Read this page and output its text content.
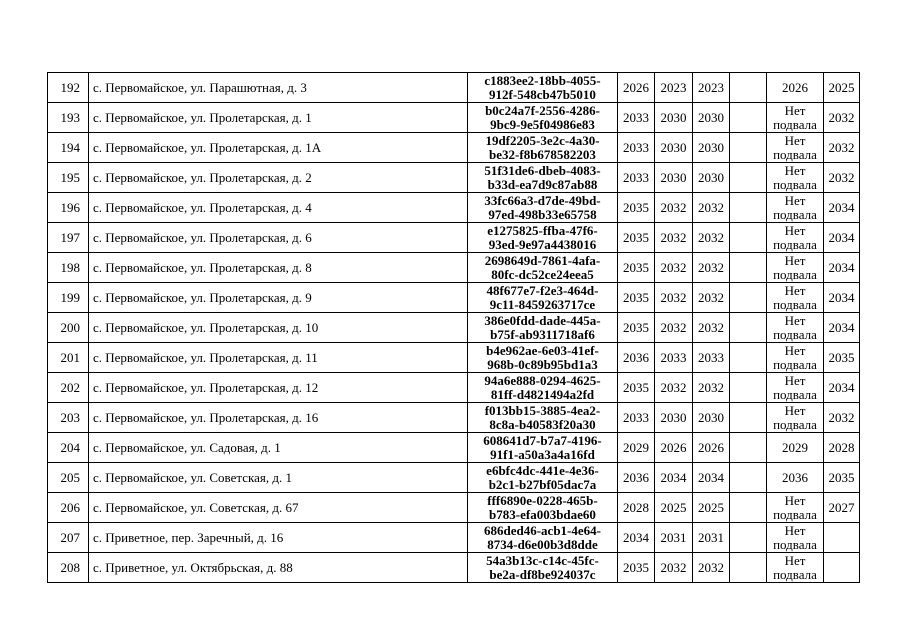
192	с. Первомайское, ул. Парашютная, д. 3	c1883ee2-18bb-4055-
912f-548cb47b5010	2026	2023	2023		2026	2025
193	с. Первомайское, ул. Пролетарская, д. 1	b0c24a7f-2556-4286-
9bc9-9e5f04986e83	2033	2030	2030		Нет подвала	2032
194	с. Первомайское, ул. Пролетарская, д. 1А	19df2205-3e2c-4a30-
be32-f8b678582203	2033	2030	2030		Нет подвала	2032
195	с. Первомайское, ул. Пролетарская, д. 2	51f31de6-dbeb-4083-
b33d-ea7d9c87ab88	2033	2030	2030		Нет подвала	2032
196	с. Первомайское, ул. Пролетарская, д. 4	33fc66a3-d7de-49bd-
97ed-498b33e65758	2035	2032	2032		Нет подвала	2034
197	с. Первомайское, ул. Пролетарская, д. 6	e1275825-ffba-47f6-
93ed-9e97a4438016	2035	2032	2032		Нет подвала	2034
198	с. Первомайское, ул. Пролетарская, д. 8	2698649d-7861-4afa-
80fc-dc52ce24eea5	2035	2032	2032		Нет подвала	2034
199	с. Первомайское, ул. Пролетарская, д. 9	48f677e7-f2e3-464d-
9c11-8459263717ce	2035	2032	2032		Нет подвала	2034
200	с. Первомайское, ул. Пролетарская, д. 10	386e0fdd-dade-445a-
b75f-ab9311718af6	2035	2032	2032		Нет подвала	2034
201	с. Первомайское, ул. Пролетарская, д. 11	b4e962ae-6e03-41ef-
968b-0c89b95bd1a3	2036	2033	2033		Нет подвала	2035
202	с. Первомайское, ул. Пролетарская, д. 12	94a6e888-0294-4625-
81ff-d4821494a2fd	2035	2032	2032		Нет подвала	2034
203	с. Первомайское, ул. Пролетарская, д. 16	f013bb15-3885-4ea2-
8c8a-b40583f20a30	2033	2030	2030		Нет подвала	2032
204	с. Первомайское, ул. Садовая, д. 1	608641d7-b7a7-4196-
91f1-a50a3a4a16fd	2029	2026	2026		2029	2028
205	с. Первомайское, ул. Советская, д. 1	e6bfc4dc-441e-4e36-
b2c1-b27bf05dac7a	2036	2034	2034		2036	2035
206	с. Первомайское, ул. Советская, д. 67	fff6890e-0228-465b-
b783-efa003bdae60	2028	2025	2025		Нет подвала	2027
207	с. Приветное, пер. Заречный, д. 16	686ded46-acb1-4e64-
8734-d6e00b3d8dde	2034	2031	2031		Нет подвала	
208	с. Приветное, ул. Октябрьская, д. 88	54a3b13c-c14c-45fc-
be2a-df8be924037c	2035	2032	2032		Нет подвала	
